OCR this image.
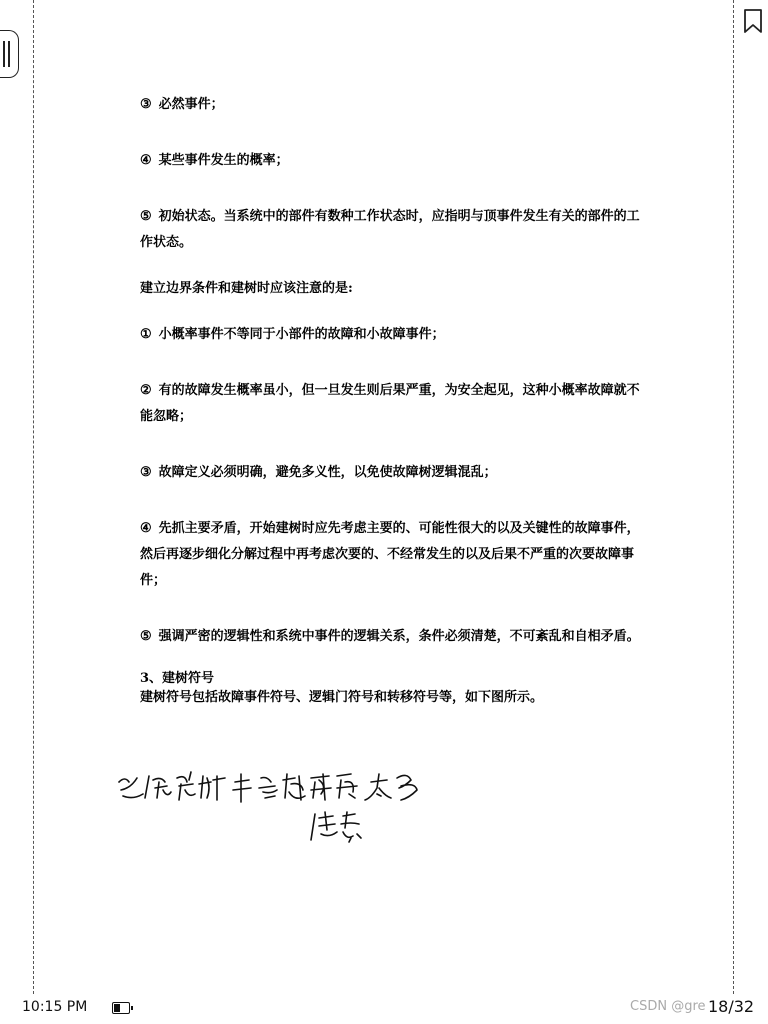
③ 必然事件；

④ 某些事件发生的概率；

⑤ 初始状态。当系统中的部件有数种工作状态时，应指明与顶事件发生有关的部件的工作状态。

建立边界条件和建树时应该注意的是:

① 小概率事件不等同于小部件的故障和小故障事件；

② 有的故障发生概率虽小，但一旦发生则后果严重，为安全起见，这种小概率故障就不能忽略；

③ 故障定义必须明确，避免多义性，以免使故障树逻辑混乱；

④ 先抓主要矛盾，开始建树时应先考虑主要的、可能性很大的以及关键性的故障事件，然后再逐步细化分解过程中再考虑次要的、不经常发生的以及后果不严重的次要故障事件；

⑤ 强调严密的逻辑性和系统中事件的逻辑关系，条件必须清楚，不可紊乱和自相矛盾。

3、建树符号

建树符号包括故障事件符号、逻辑门符号和转移符号等，如下图所示。

10:15 PM	CSDN @gre 18/32
